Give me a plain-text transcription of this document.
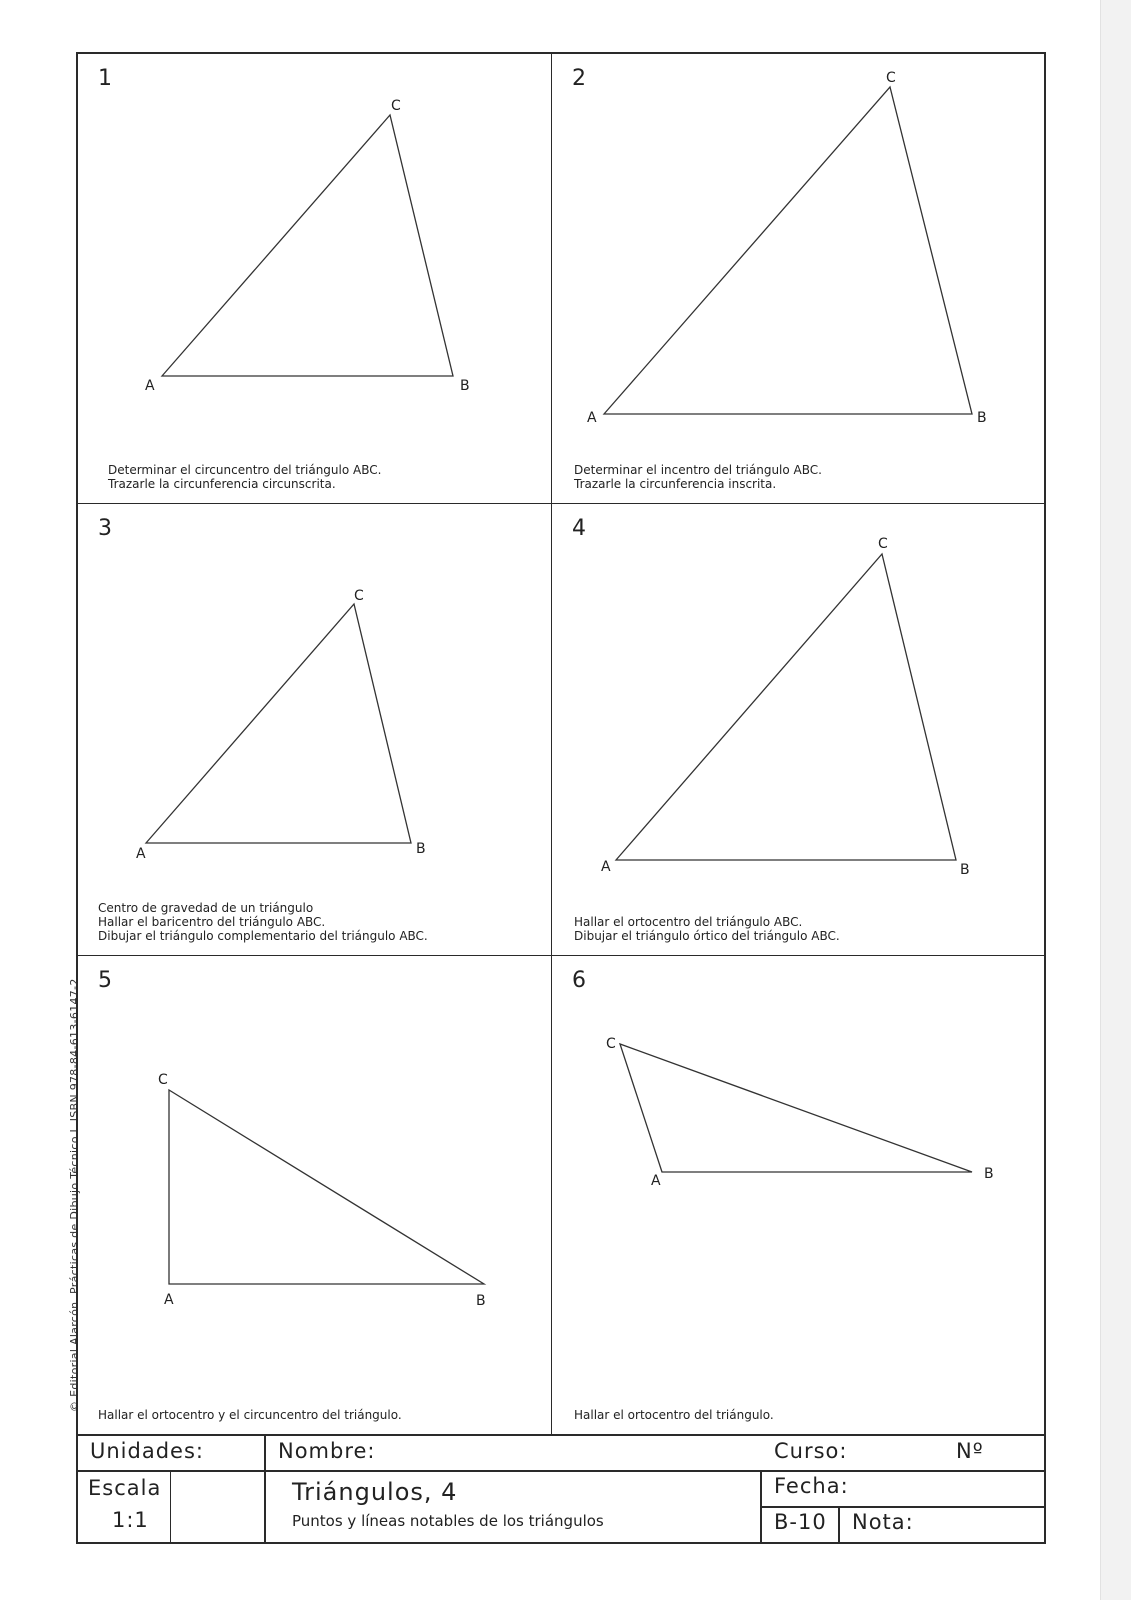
© Editorial Alarcón. Prácticas de Dibujo Técnico I. ISBN 978-84-613-6147-2.
1
A	B
C
Determinar el circuncentro del triángulo ABC.
Trazarle la circunferencia circunscrita.
2
A	B
C
Determinar el incentro del triángulo ABC.
Trazarle la circunferencia inscrita.
3
A	B
C
Centro de gravedad de un triángulo
Hallar el baricentro del triángulo ABC.
Dibujar el triángulo complementario del triángulo ABC.
4
A	B
C
Hallar el ortocentro del triángulo ABC.
Dibujar el triángulo órtico del triángulo ABC.
5
A	B
C
Hallar el ortocentro y el circuncentro del triángulo.
6
A	B
C
Hallar el ortocentro del triángulo.
Unidades:	Nombre:	Curso:	Nº
Escala
1:1
Triángulos, 4
Puntos y líneas notables de los triángulos
Fecha:
B-10 Nota:
